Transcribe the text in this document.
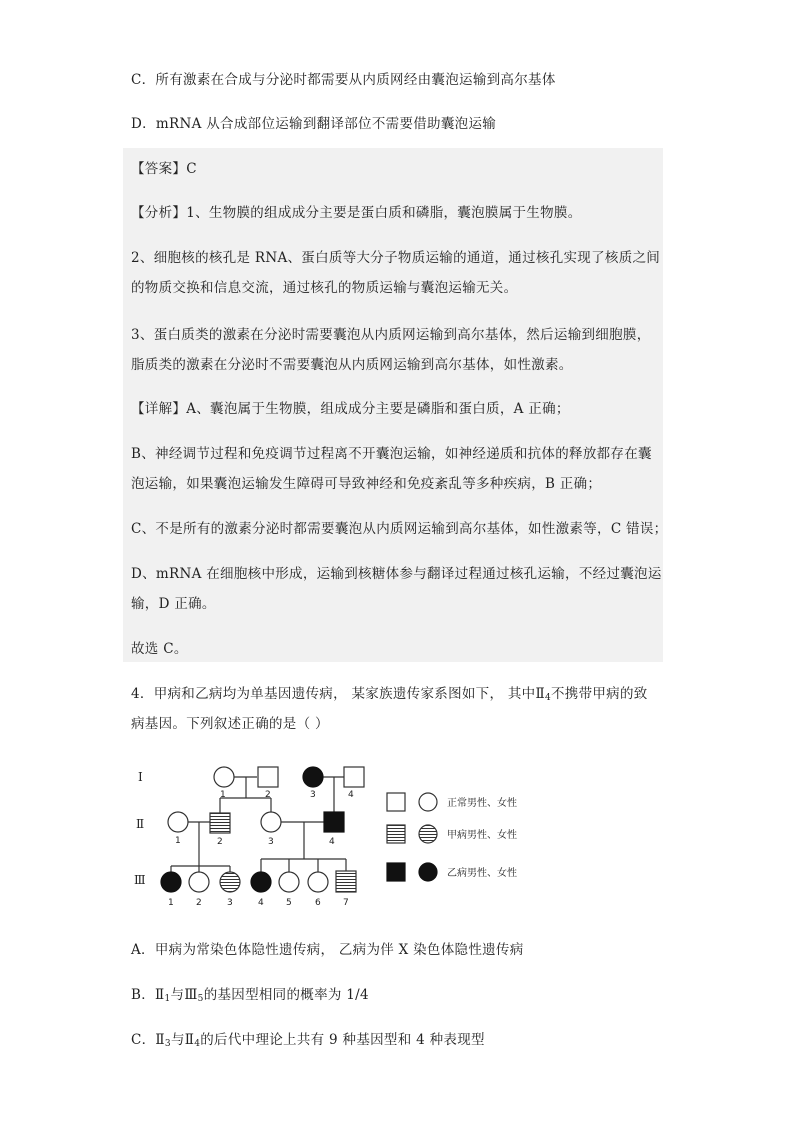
C．所有激素在合成与分泌时都需要从内质网经由囊泡运输到高尔基体
D．mRNA 从合成部位运输到翻译部位不需要借助囊泡运输
【答案】C
【分析】1、生物膜的组成成分主要是蛋白质和磷脂，囊泡膜属于生物膜。
2、细胞核的核孔是 RNA、蛋白质等大分子物质运输的通道，通过核孔实现了核质之间
的物质交换和信息交流，通过核孔的物质运输与囊泡运输无关。
3、蛋白质类的激素在分泌时需要囊泡从内质网运输到高尔基体，然后运输到细胞膜，
脂质类的激素在分泌时不需要囊泡从内质网运输到高尔基体，如性激素。
【详解】A、囊泡属于生物膜，组成成分主要是磷脂和蛋白质，A 正确；
B、神经调节过程和免疫调节过程离不开囊泡运输，如神经递质和抗体的释放都存在囊
泡运输，如果囊泡运输发生障碍可导致神经和免疫紊乱等多种疾病，B 正确；
C、不是所有的激素分泌时都需要囊泡从内质网运输到高尔基体，如性激素等，C 错误；
D、mRNA 在细胞核中形成，运输到核糖体参与翻译过程通过核孔运输，不经过囊泡运
输，D 正确。
故选 C。
4．甲病和乙病均为单基因遗传病， 某家族遗传家系图如下， 其中$Ⅱ_4$不携带甲病的致
病基因。下列叙述正确的是（ ）
Ⅰ
Ⅱ
Ⅲ
1	2	3	4
1	2	3	4
1 2	3	4 5	6 7
正常男性、女性
甲病男性、女性
乙病男性、女性
A．甲病为常染色体隐性遗传病， 乙病为伴 X 染色体隐性遗传病
B．$Ⅱ_1$与$Ⅲ_5$的基因型相同的概率为 1/4
C．$Ⅱ_3$与$Ⅱ_4$的后代中理论上共有 9 种基因型和 4 种表现型
